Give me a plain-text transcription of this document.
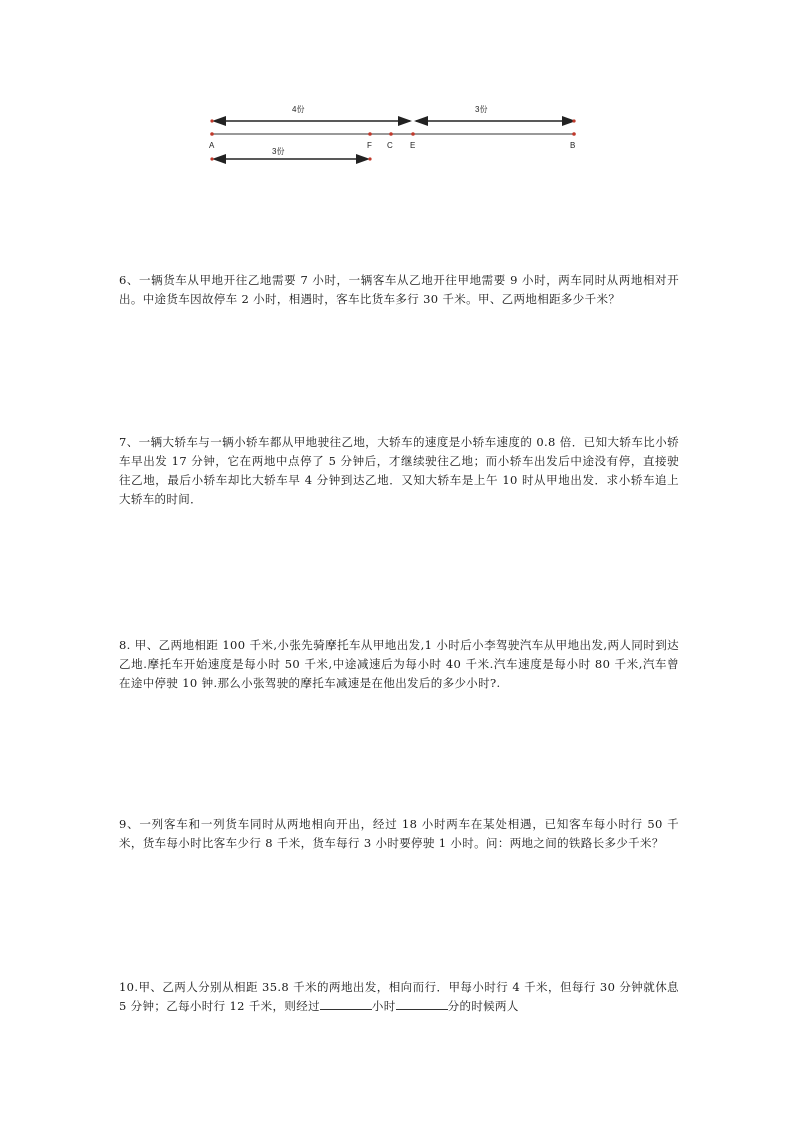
4份	3份
3份
A	F C E	B

6、一辆货车从甲地开往乙地需要 7 小时，一辆客车从乙地开往甲地需要 9 小时，两车同时从两地相对开出。中途货车因故停车 2 小时，相遇时，客车比货车多行 30 千米。甲、乙两地相距多少千米？

7、一辆大轿车与一辆小轿车都从甲地驶往乙地，大轿车的速度是小轿车速度的 0.8 倍．已知大轿车比小轿车早出发 17 分钟，它在两地中点停了 5 分钟后，才继续驶往乙地；而小轿车出发后中途没有停，直接驶往乙地，最后小轿车却比大轿车早 4 分钟到达乙地．又知大轿车是上午 10 时从甲地出发．求小轿车追上大轿车的时间．

8. 甲、乙两地相距 100 千米,小张先骑摩托车从甲地出发,1 小时后小李驾驶汽车从甲地出发,两人同时到达乙地.摩托车开始速度是每小时 50 千米,中途减速后为每小时 40 千米.汽车速度是每小时 80 千米,汽车曾在途中停驶 10 钟.那么小张驾驶的摩托车减速是在他出发后的多少小时?.

9、一列客车和一列货车同时从两地相向开出，经过 18 小时两车在某处相遇，已知客车每小时行 50 千米，货车每小时比客车少行 8 千米，货车每行 3 小时要停驶 1 小时。问：两地之间的铁路长多少千米？

10.甲、乙两人分别从相距 35.8 千米的两地出发，相向而行．甲每小时行 4 千米，但每行 30 分钟就休息 5 分钟；乙每小时行 12 千米，则经过	小时	分的时候两人
